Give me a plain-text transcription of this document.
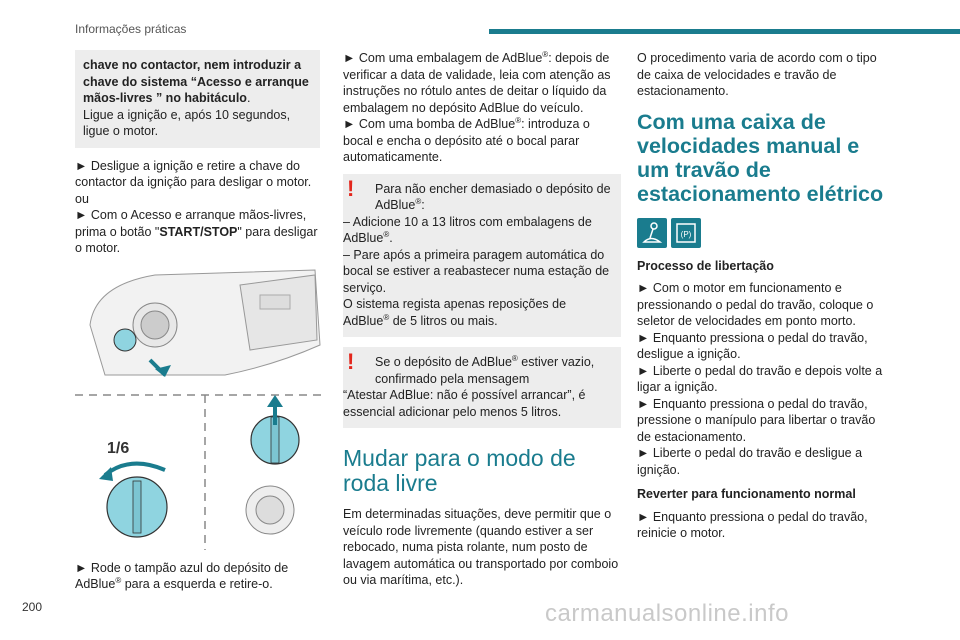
Informações práticas
chave no contactor, nem introduzir a chave do sistema “Acesso e arranque mãos-livres ” no habitáculo.
Ligue a ignição e, após 10 segundos, ligue o motor.

► Desligue a ignição e retire a chave do contactor da ignição para desligar o motor.
ou
► Com o Acesso e arranque mãos-livres, prima o botão "START/STOP" para desligar o motor.

1/6

► Rode o tampão azul do depósito de AdBlue® para a esquerda e retire-o.

► Com uma embalagem de AdBlue®: depois de verificar a data de validade, leia com atenção as instruções no rótulo antes de deitar o líquido da embalagem no depósito AdBlue do veículo.
► Com uma bomba de AdBlue®: introduza o bocal e encha o depósito até o bocal parar automaticamente.

!	Para não encher demasiado o depósito de AdBlue®:
– Adicione 10 a 13 litros com embalagens de AdBlue®.
– Pare após a primeira paragem automática do bocal se estiver a reabastecer numa estação de serviço.
O sistema regista apenas reposições de AdBlue® de 5 litros ou mais.
!	Se o depósito de AdBlue® estiver vazio, confirmado pela mensagem
“Atestar AdBlue: não é possível arrancar”, é essencial adicionar pelo menos 5 litros.
Mudar para o modo de roda livre

Em determinadas situações, deve permitir que o veículo rode livremente (quando estiver a ser rebocado, numa pista rolante, num posto de lavagem automática ou transportado por comboio ou via marítima, etc.).

O procedimento varia de acordo com o tipo de caixa de velocidades e travão de estacionamento.

Com uma caixa de velocidades manual e um travão de estacionamento elétrico
(P)
Processo de libertação

► Com o motor em funcionamento e pressionando o pedal do travão, coloque o seletor de velocidades em ponto morto.
► Enquanto pressiona o pedal do travão, desligue a ignição.
► Liberte o pedal do travão e depois volte a ligar a ignição.
► Enquanto pressiona o pedal do travão, pressione o manípulo para libertar o travão de estacionamento.
► Liberte o pedal do travão e desligue a ignição.

Reverter para funcionamento normal

► Enquanto pressiona o pedal do travão, reinicie o motor.

200	carmanualsonline.info
